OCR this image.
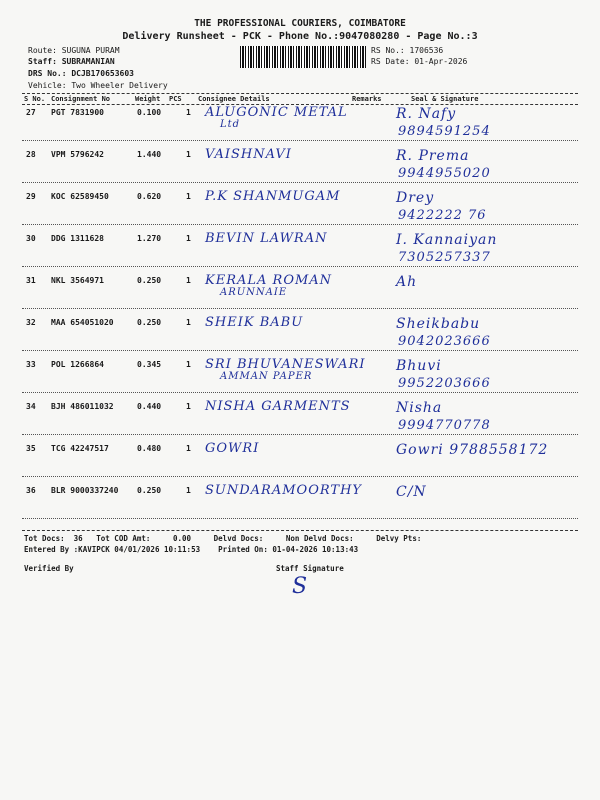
THE PROFESSIONAL COURIERS, COIMBATORE
Delivery Runsheet - PCK - Phone No.:9047080280 - Page No.:3
Route: SUGUNA PURAM
Staff: SUBRAMANIAN
DRS No.: DCJB170653603
Vehicle: Two Wheeler Delivery
RS No.: 1706536
RS Date: 01-Apr-2026
S No. Consignment No	Weight PCS Consignee Details	Remarks	Seal & Signature
27 PGT 7831900	0.100	1 ALUGONIC METAL
Ltd
R. Nafy
9894591254
28 VPM 5796242	1.440	1 VAISHNAVI	R. Prema
9944955020
29 KOC 62589450	0.620	1 P.K SHANMUGAM	Drey
9422222 76
30 DDG 1311628	1.270	1 BEVIN LAWRAN	I. Kannaiyan
7305257337
31 NKL 3564971	0.250	1 KERALA ROMAN
ARUNNAIE
Ah
32 MAA 654051020	0.250	1 SHEIK BABU	Sheikbabu
9042023666
33 POL 1266864	0.345	1 SRI BHUVANESWARI
AMMAN PAPER
Bhuvi
9952203666
34 BJH 486011032	0.440	1 NISHA GARMENTS	Nisha
9994770778
35 TCG 42247517	0.480	1 GOWRI	Gowri 9788558172
36 BLR 9000337240 0.250	1 SUNDARAMOORTHY C/N
Tot Docs:  36   Tot COD Amt:     0.00     Delvd Docs:     Non Delvd Docs:     Delvy Pts:
Entered By :KAVIPCK 04/01/2026 10:11:53    Printed On: 01-04-2026 10:13:43
Verified By	Staff Signature
S
